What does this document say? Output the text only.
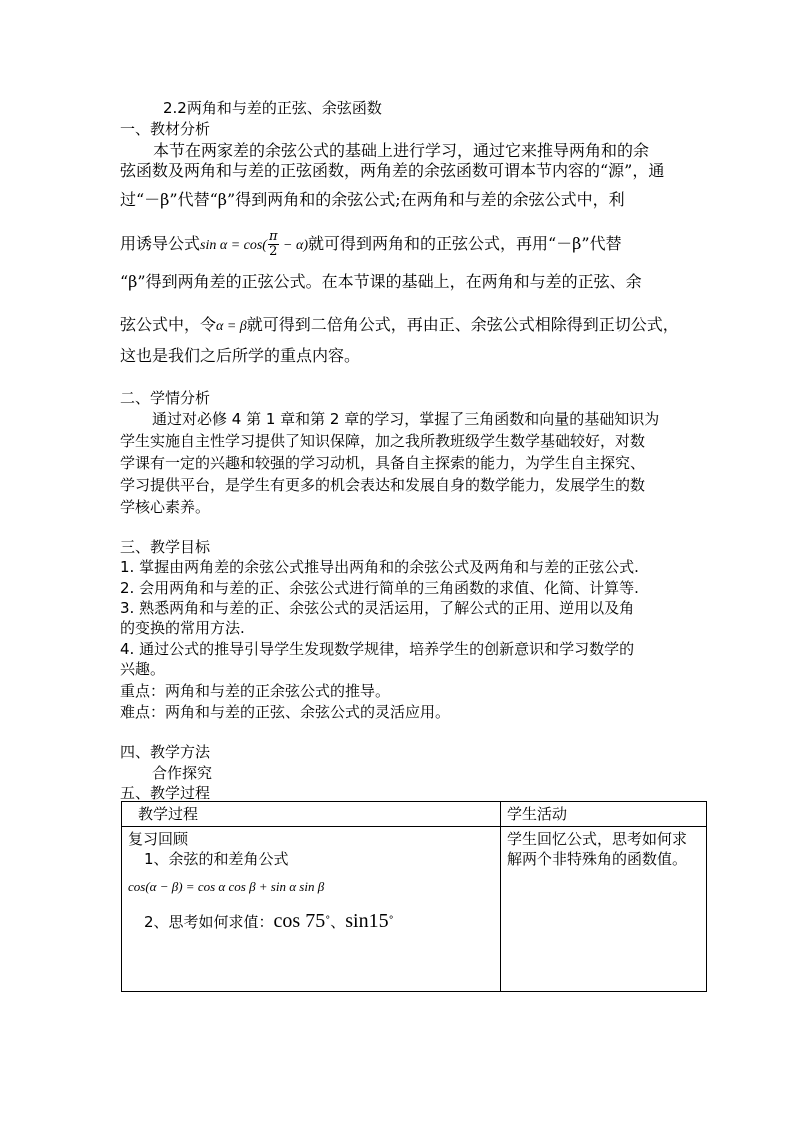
2.2两角和与差的正弦、余弦函数
一、教材分析
本节在两家差的余弦公式的基础上进行学习，通过它来推导两角和的余
弦函数及两角和与差的正弦函数，两角差的余弦函数可谓本节内容的“源”，通
过“－β”代替“β”得到两角和的余弦公式;在两角和与差的余弦公式中，利
用诱导公式$\sin \alpha = \cos( \frac{\pi}{2} - \alpha)$就可得到两角和的正弦公式，再用“－β”代替
“β”得到两角差的正弦公式。在本节课的基础上，在两角和与差的正弦、余
弦公式中，令α = β就可得到二倍角公式，再由正、余弦公式相除得到正切公式，
这也是我们之后所学的重点内容。
二、学情分析
通过对必修 4 第 1 章和第 2 章的学习，掌握了三角函数和向量的基础知识为
学生实施自主性学习提供了知识保障，加之我所教班级学生数学基础较好，对数
学课有一定的兴趣和较强的学习动机，具备自主探索的能力，为学生自主探究、
学习提供平台，是学生有更多的机会表达和发展自身的数学能力，发展学生的数
学核心素养。
三、教学目标
1. 掌握由两角差的余弦公式推导出两角和的余弦公式及两角和与差的正弦公式.
2. 会用两角和与差的正、余弦公式进行简单的三角函数的求值、化简、计算等.
3. 熟悉两角和与差的正、余弦公式的灵活运用，了解公式的正用、逆用以及角
的变换的常用方法.
4. 通过公式的推导引导学生发现数学规律，培养学生的创新意识和学习数学的
兴趣。
重点：两角和与差的正余弦公式的推导。
难点：两角和与差的正弦、余弦公式的灵活应用。
四、教学方法
合作探究
五、教学过程
教学过程	学生活动

复习回顾
1、余弦的和差角公式
cos(α − β) = cos α cos β + sin α sin β
2、思考如何求值：cos 75°、sin15°	学生回忆公式，思考如何求解两个非特殊角的函数值。
